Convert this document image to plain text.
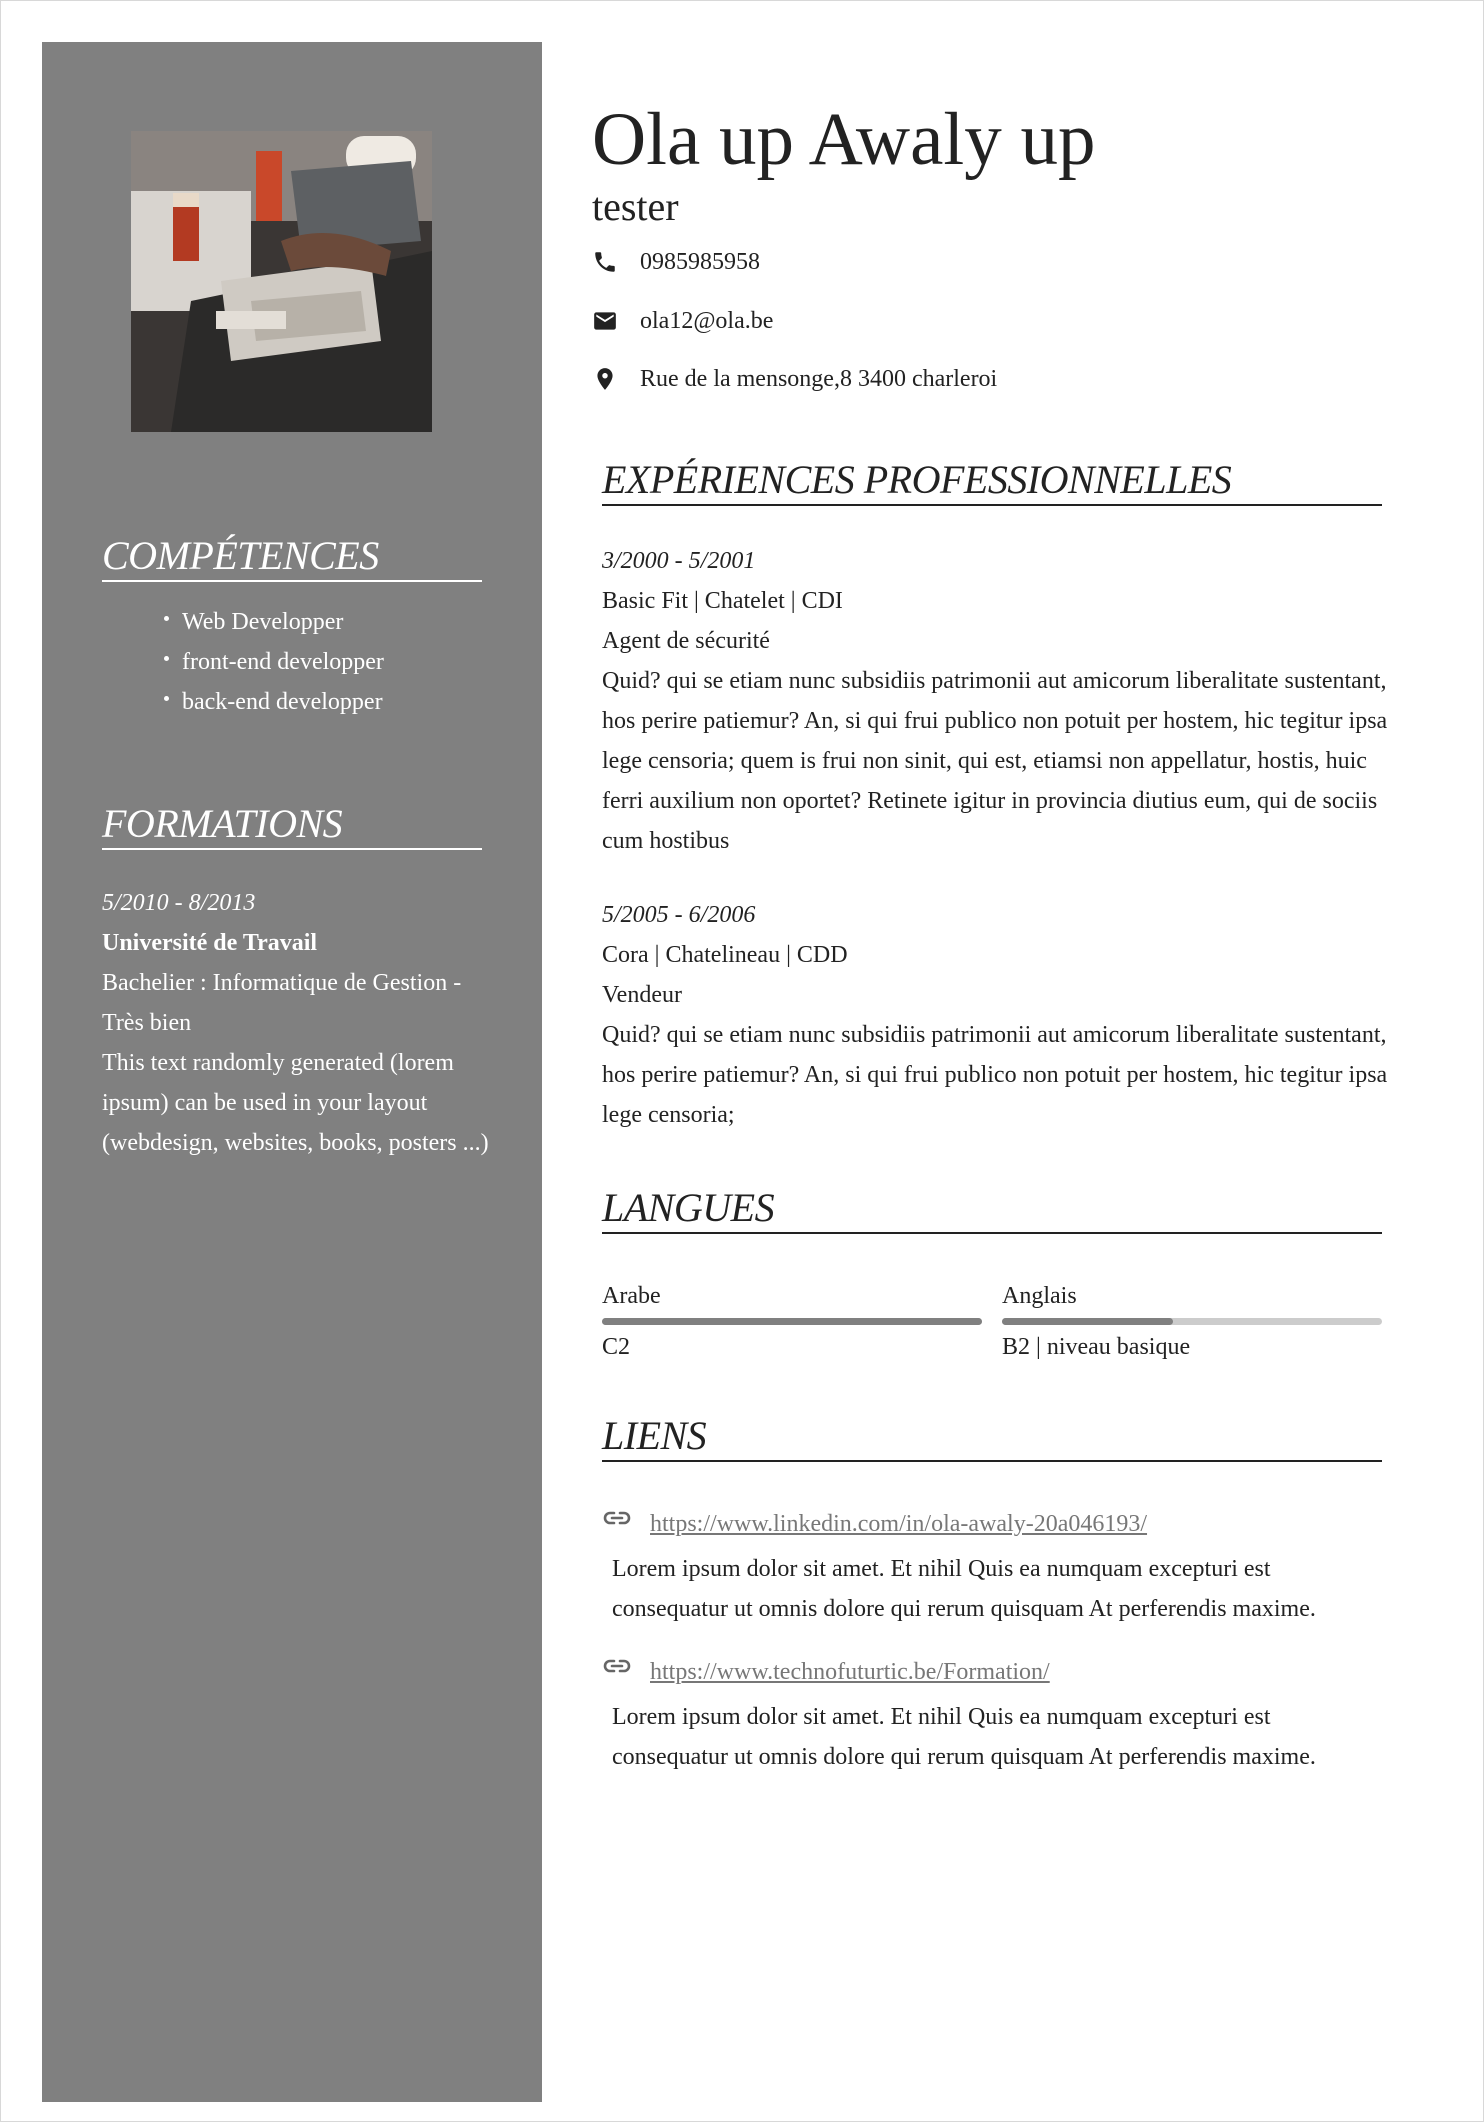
COMPÉTENCES
Web Developper
front-end developper
back-end developper
FORMATIONS
5/2010 - 8/2013
Université de Travail
Bachelier : Informatique de Gestion - Très bien
This text randomly generated (lorem ipsum) can be used in your layout (webdesign, websites, books, posters ...)
Ola up Awaly up
tester
0985985958
ola12@ola.be
Rue de la mensonge,8 3400 charleroi
EXPÉRIENCES PROFESSIONNELLES
3/2000 - 5/2001
Basic Fit | Chatelet | CDI
Agent de sécurité
Quid? qui se etiam nunc subsidiis patrimonii aut amicorum liberalitate sustentant, hos perire patiemur? An, si qui frui publico non potuit per hostem, hic tegitur ipsa lege censoria; quem is frui non sinit, qui est, etiamsi non appellatur, hostis, huic ferri auxilium non oportet? Retinete igitur in provincia diutius eum, qui de sociis cum hostibus
5/2005 - 6/2006
Cora | Chatelineau | CDD
Vendeur
Quid? qui se etiam nunc subsidiis patrimonii aut amicorum liberalitate sustentant, hos perire patiemur? An, si qui frui publico non potuit per hostem, hic tegitur ipsa lege censoria;
LANGUES
Arabe
C2
Anglais
B2 | niveau basique
LIENS
https://www.linkedin.com/in/ola-awaly-20a046193/
Lorem ipsum dolor sit amet. Et nihil Quis ea numquam excepturi est consequatur ut omnis dolore qui rerum quisquam At perferendis maxime.
https://www.technofuturtic.be/Formation/
Lorem ipsum dolor sit amet. Et nihil Quis ea numquam excepturi est consequatur ut omnis dolore qui rerum quisquam At perferendis maxime.
